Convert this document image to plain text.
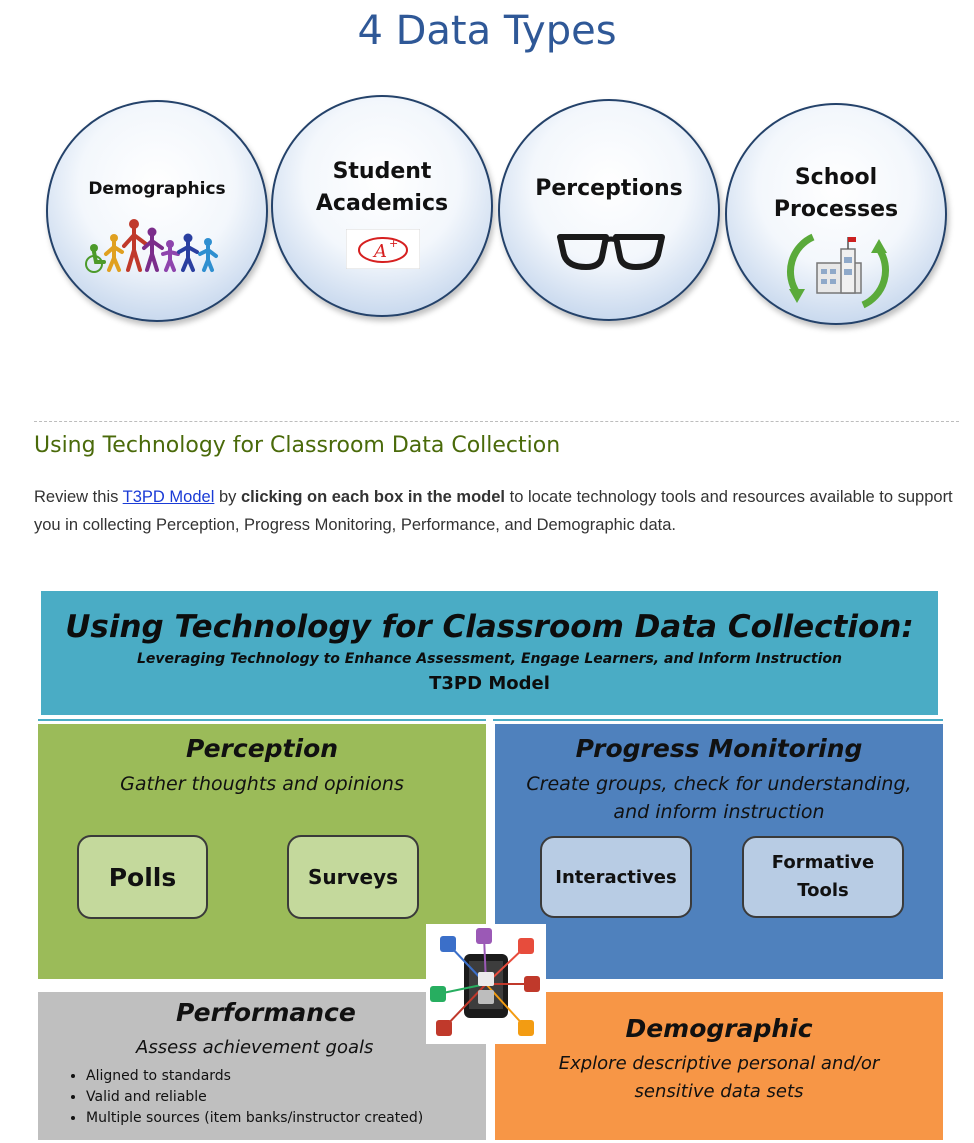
4 Data Types
Demographics
Student
Academics
A +
Perceptions	School
Processes
Using Technology for Classroom Data Collection
Review this T3PD Model by clicking on each box in the model to locate technology tools and resources available to support you in collecting Perception, Progress Monitoring, Performance, and Demographic data.
Using Technology for Classroom Data Collection:
Leveraging Technology to Enhance Assessment, Engage Learners, and Inform Instruction
T3PD Model
Perception
Gather thoughts and opinions
Polls	Surveys
Progress Monitoring
Create groups, check for understanding,
and inform instruction
Interactives
Formative
Tools
Performance
Assess achievement goals
• Aligned to standards
• Valid and reliable
• Multiple sources (item banks/instructor created)
Demographic
Explore descriptive personal and/or
sensitive data sets
